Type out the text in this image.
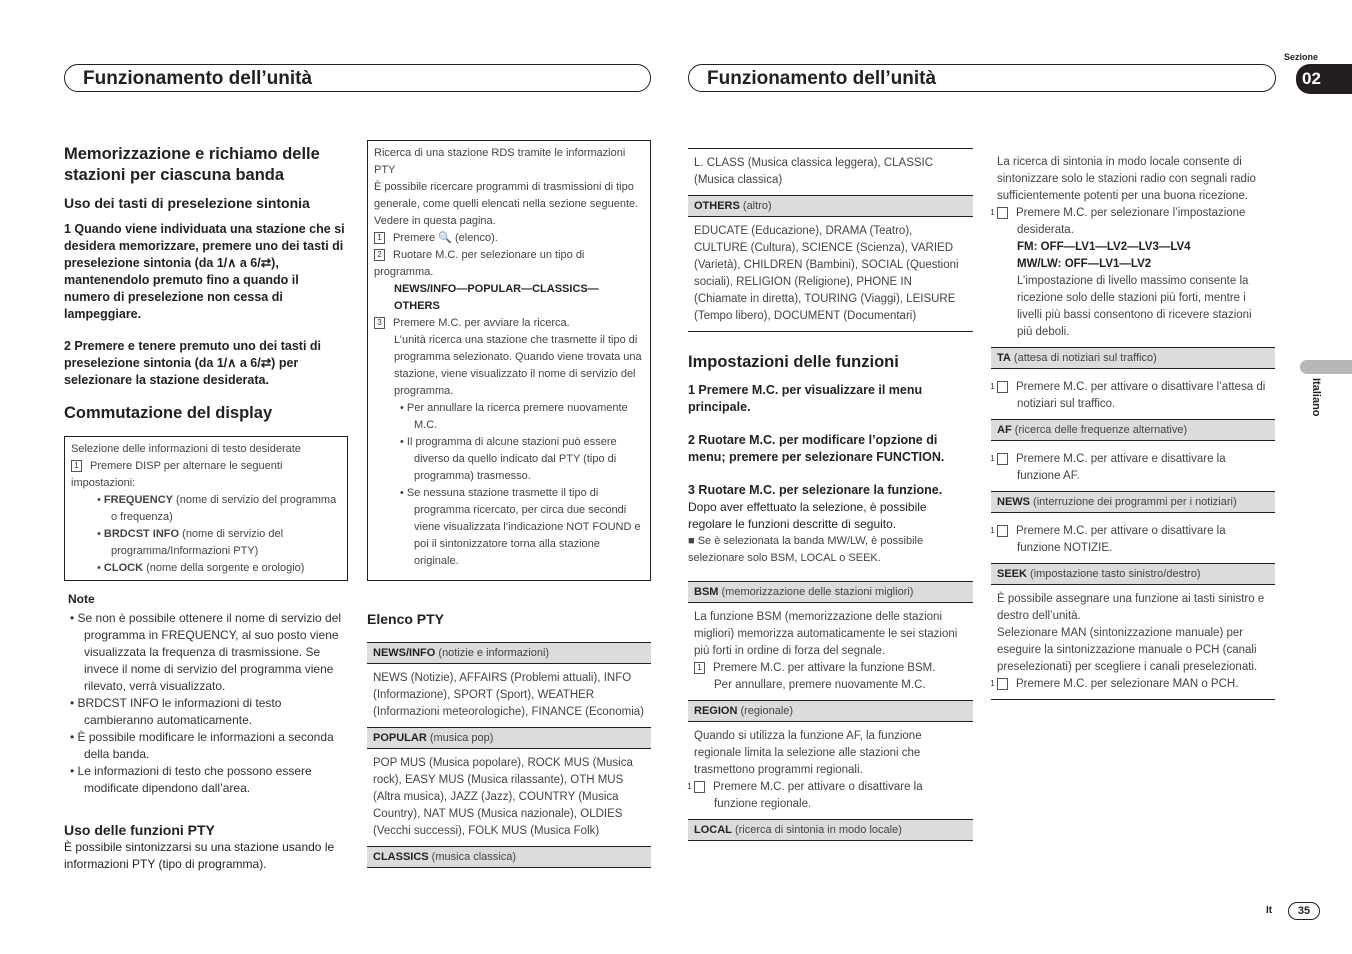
Funzionamento dell’unità	Funzionamento dell’unità
Sezione
02
Italiano
It	35
Memorizzazione e richiamo delle stazioni per ciascuna banda
Uso dei tasti di preselezione sintonia

1 Quando viene individuata una stazione che si desidera memorizzare, premere uno dei tasti di preselezione sintonia (da 1/∧ a 6/⇄), mantenendolo premuto fino a quando il numero di preselezione non cessa di lampeggiare.

2 Premere e tenere premuto uno dei tasti di preselezione sintonia (da 1/∧ a 6/⇄) per selezionare la stazione desiderata.

Commutazione del display

Selezione delle informazioni di testo desiderate

1 Premere DISP per alternare le seguenti impostazioni:

• FREQUENCY (nome di servizio del programma o frequenza)

• BRDCST INFO (nome di servizio del programma/Informazioni PTY)

• CLOCK (nome della sorgente e orologio)

Note

• Se non è possibile ottenere il nome di servizio del programma in FREQUENCY, al suo posto viene visualizzata la frequenza di trasmissione. Se invece il nome di servizio del programma viene rilevato, verrà visualizzato.

• BRDCST INFO le informazioni di testo cambieranno automaticamente.

• È possibile modificare le informazioni a seconda della banda.

• Le informazioni di testo che possono essere modificate dipendono dall’area.

Uso delle funzioni PTY

È possibile sintonizzarsi su una stazione usando le informazioni PTY (tipo di programma).

Ricerca di una stazione RDS tramite le informazioni PTY

È possibile ricercare programmi di trasmissioni di tipo generale, come quelli elencati nella sezione seguente. Vedere in questa pagina.

1 Premere 🔍 (elenco).

2 Ruotare M.C. per selezionare un tipo di programma.

NEWS/INFO—POPULAR—CLASSICS—OTHERS

3 Premere M.C. per avviare la ricerca.

L’unità ricerca una stazione che trasmette il tipo di programma selezionato. Quando viene trovata una stazione, viene visualizzato il nome di servizio del programma.

• Per annullare la ricerca premere nuovamente M.C.

• Il programma di alcune stazioni può essere diverso da quello indicato dal PTY (tipo di programma) trasmesso.

• Se nessuna stazione trasmette il tipo di programma ricercato, per circa due secondi viene visualizzata l’indicazione NOT FOUND e poi il sintonizzatore torna alla stazione originale.

Elenco PTY
NEWS/INFO (notizie e informazioni)
NEWS (Notizie), AFFAIRS (Problemi attuali), INFO (Informazione), SPORT (Sport), WEATHER (Informazioni meteorologiche), FINANCE (Economia)
POPULAR (musica pop)
POP MUS (Musica popolare), ROCK MUS (Musica rock), EASY MUS (Musica rilassante), OTH MUS (Altra musica), JAZZ (Jazz), COUNTRY (Musica Country), NAT MUS (Musica nazionale), OLDIES (Vecchi successi), FOLK MUS (Musica Folk)
CLASSICS (musica classica)
L. CLASS (Musica classica leggera), CLASSIC (Musica classica)
OTHERS (altro)
EDUCATE (Educazione), DRAMA (Teatro), CULTURE (Cultura), SCIENCE (Scienza), VARIED (Varietà), CHILDREN (Bambini), SOCIAL (Questioni sociali), RELIGION (Religione), PHONE IN (Chiamate in diretta), TOURING (Viaggi), LEISURE (Tempo libero), DOCUMENT (Documentari)
Impostazioni delle funzioni

1 Premere M.C. per visualizzare il menu principale.

2 Ruotare M.C. per modificare l’opzione di menu; premere per selezionare FUNCTION.

3 Ruotare M.C. per selezionare la funzione.

Dopo aver effettuato la selezione, è possibile regolare le funzioni descritte di seguito.

■ Se è selezionata la banda MW/LW, è possibile selezionare solo BSM, LOCAL o SEEK.

BSM (memorizzazione delle stazioni migliori)
La funzione BSM (memorizzazione delle stazioni migliori) memorizza automaticamente le sei stazioni più forti in ordine di forza del segnale.
1 Premere M.C. per attivare la funzione BSM.
Per annullare, premere nuovamente M.C.
REGION (regionale)
Quando si utilizza la funzione AF, la funzione regionale limita la selezione alle stazioni che trasmettono programmi regionali.
1 Premere M.C. per attivare o disattivare la funzione regionale.
LOCAL (ricerca di sintonia in modo locale)
La ricerca di sintonia in modo locale consente di sintonizzare solo le stazioni radio con segnali radio sufficientemente potenti per una buona ricezione.
1 Premere M.C. per selezionare l’impostazione desiderata.
FM: OFF—LV1—LV2—LV3—LV4
MW/LW: OFF—LV1—LV2
L’impostazione di livello massimo consente la ricezione solo delle stazioni più forti, mentre i livelli più bassi consentono di ricevere stazioni più deboli.
TA (attesa di notiziari sul traffico)
1 Premere M.C. per attivare o disattivare l’attesa di notiziari sul traffico.
AF (ricerca delle frequenze alternative)
1 Premere M.C. per attivare e disattivare la funzione AF.
NEWS (interruzione dei programmi per i notiziari)
1 Premere M.C. per attivare o disattivare la funzione NOTIZIE.
SEEK (impostazione tasto sinistro/destro)
È possibile assegnare una funzione ai tasti sinistro e destro dell’unità.
Selezionare MAN (sintonizzazione manuale) per eseguire la sintonizzazione manuale o PCH (canali preselezionati) per scegliere i canali preselezionati.
1 Premere M.C. per selezionare MAN o PCH.
